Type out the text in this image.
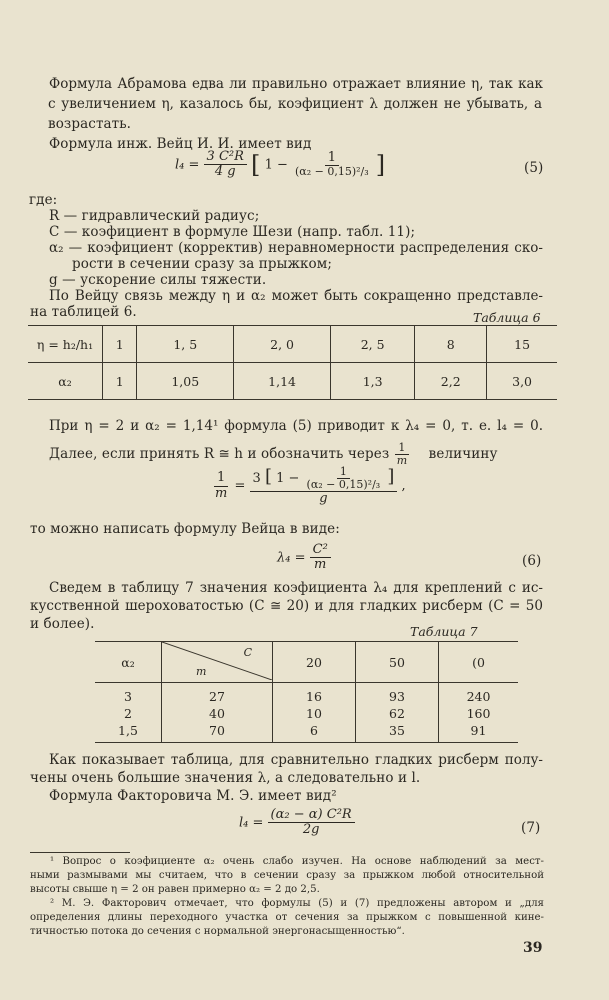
Формула Абрамова едва ли правильно отражает влияние η, так как
с увеличением η, казалось бы, коэфициент λ должен не убывать, а
возрастать.
Формула инж. Вейц И. И. имеет вид
$l_4 = \frac{\text{3 C²R}}{4 g}$ [ $1 - \frac{1}{\text{(α₂ − 0,15)²/₃}}$ ]	(5)
где:
R — гидравлический радиус;
C — коэфициент в формуле Шези (напр. табл. 11);
α₂ — коэфициент (корректив) неравномерности распределения ско-
рости в сечении сразу за прыжком;
g — ускорение силы тяжести.
По Вейцу связь между η и α₂ может быть сокращенно представле-
на таблицей 6.	Таблица 6
η = h₂/h₁	1	1, 5	2, 0	2, 5	8	15
α₂	1	1,05	1,14	1,3	2,2	3,0
При η = 2 и α₂ = 1,14¹ формула (5) приводит к λ₄ = 0, т. е. l₄ = 0.
Далее, если принять R ≅ h и обозначить через $\frac{1}{m}$ величину
$\frac{1}{m}$ =
3 [ $1 - \frac{1}{\text{(α₂ − 0,15)²/₃}}$ ]
g
,
то можно написать формулу Вейца в виде:
$\lambda_4 = \frac{\text{C²}}{m}$	(6)
Сведем в таблицу 7 значения коэфициента λ₄ для креплений с ис-
кусственной шероховатостью (C ≅ 20) и для гладких рисберм (C = 50
и более).	Таблица 7
α₂	C
m	20	50	(0
3	27	16	93	240
2	40	10	62	160
1,5	70	6	35	91
Как показывает таблица, для сравнительно гладких рисберм полу-
чены очень большие значения λ, а следовательно и l.
Формула Факторовича М. Э. имеет вид²
$l_4 = \frac{\text{(α₂ − α) C²R}}{2g}$	(7)
¹ Вопрос о коэфициенте α₂ очень слабо изучен. На основе наблюдений за мест-
ными размывами мы считаем, что в сечении сразу за прыжком любой относительной
высоты свыше η = 2 он равен примерно α₂ = 2 до 2,5.
² М. Э. Факторович отмечает, что формулы (5) и (7) предложены автором и „для
определения длины переходного участка от сечения за прыжком с повышенной кине-
тичностью потока до сечения с нормальной энергонасыщенностью“.
39
